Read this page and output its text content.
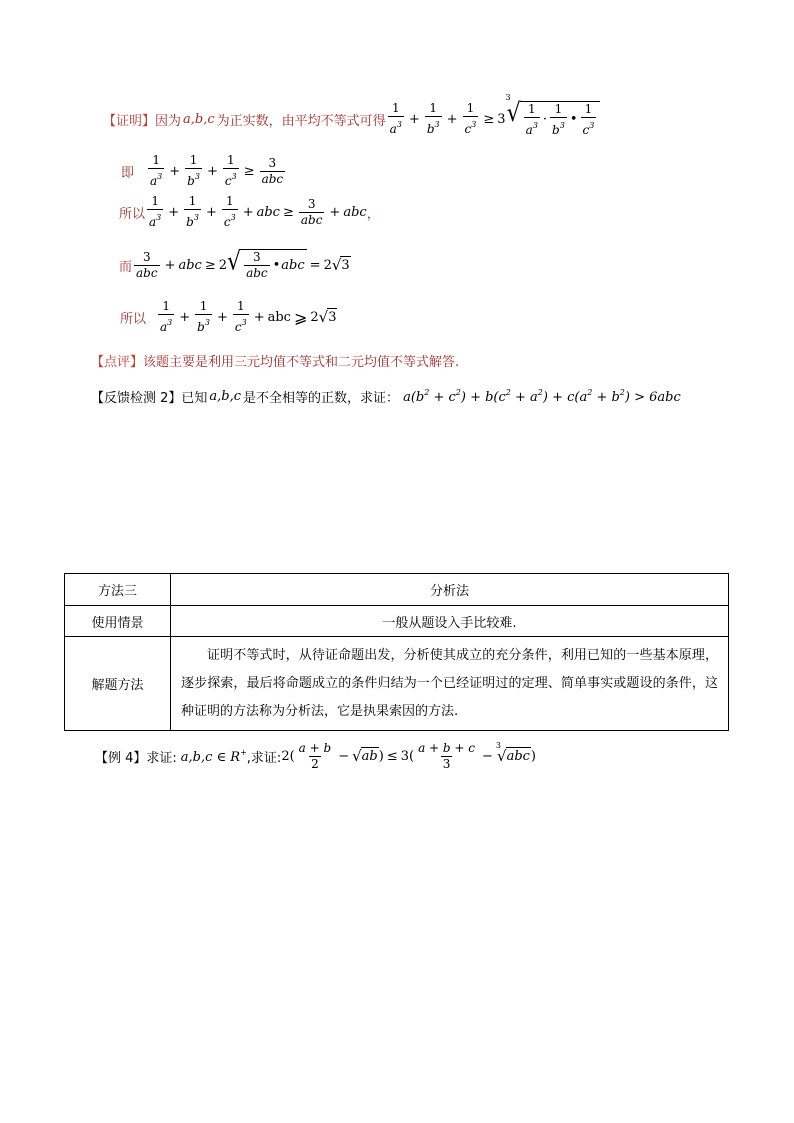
【证明】 因为 a,b,c 为正实数，由平均不等式可得 $\frac{1}{a^3} + \frac{1}{b^3} + \frac{1}{c^3} \ge 3$
3
√ $\frac{1}{a^3} \cdot \frac{1}{b^3}$ • $\frac{1}{c^3}$
即 $\frac{1}{a^3} + \frac{1}{b^3} + \frac{1}{c^3} \ge \frac{3}{\text{abc}}$
所以 $\frac{1}{a^3} + \frac{1}{b^3} + \frac{1}{c^3}$ + abc ≥ $\frac{3}{\text{abc}}$ + abc ，
而 $\frac{3}{\text{abc}}$ + abc ≥ 2 √ $\frac{3}{\text{abc}}$ • abc = 2 √ 3
所以 $\frac{1}{a^3} + \frac{1}{b^3} + \frac{1}{c^3}$ + abc ⩾ 2 √ 3
【点评】 该题主要是利用三元均值不等式和二元均值不等式解答.
【反馈检测 2】 已知 a,b,c 是不全相等的正数，求证： $a(b^2 + c^2) + b(c^2 + a^2) + c(a^2 + b^2) > 6abc$
方法三	分析法
使用情景	一般从题设入手比较难.
解题方法	证明不等式时，从待证命题出发，分析使其成立的充分条件，利用已知的一些基本原理，逐步探索，最后将命题成立的条件归结为一个已经证明过的定理、简单事实或题设的条件，这种证明的方法称为分析法，它是执果索因的方法.
【例 4】 求证: a,b,c ∈ R+ ,求证: $2( \frac{a + b}{2}$ − √ ab ) ≤ $3( \frac{a + b + c}{3}$ −
3
√ abc )
